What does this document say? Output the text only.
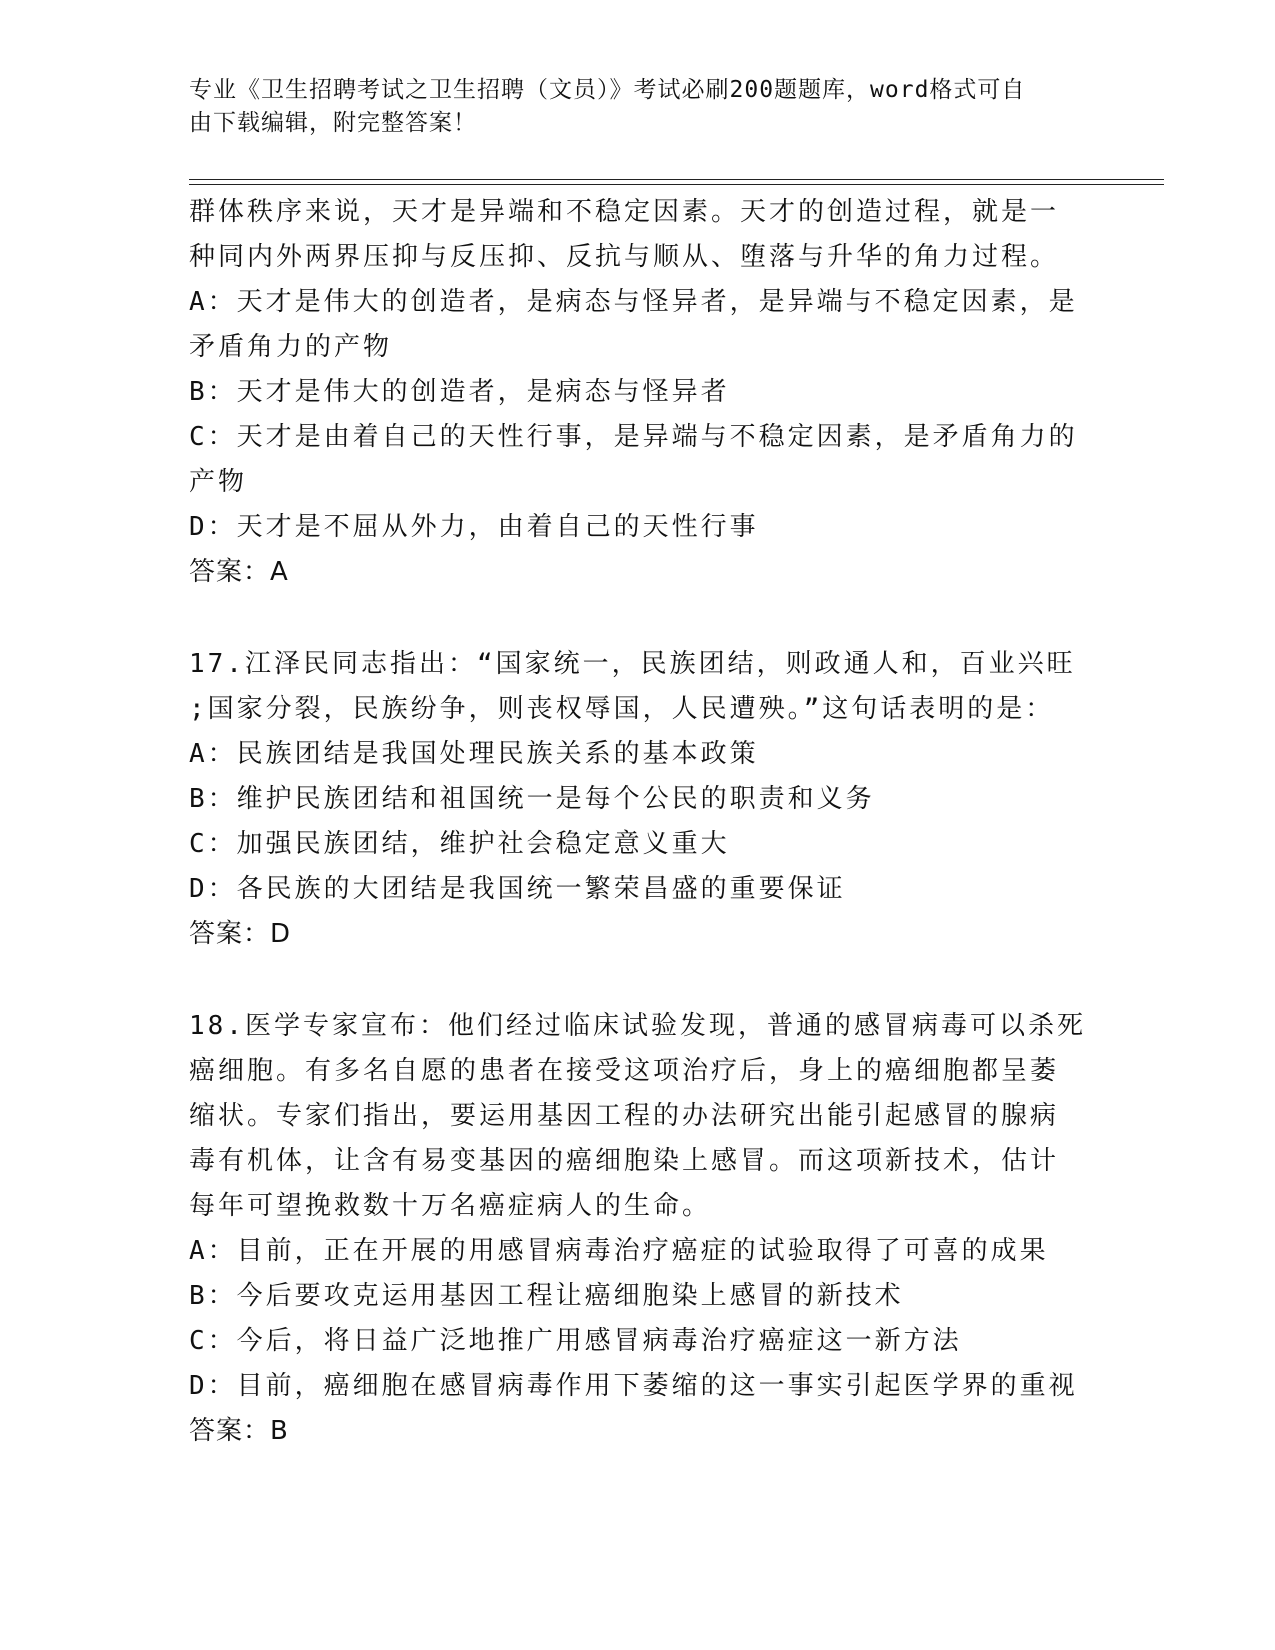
专业《卫生招聘考试之卫生招聘（文员）》考试必刷200题题库，word格式可自
由下载编辑，附完整答案！
群体秩序来说，天才是异端和不稳定因素。天才的创造过程，就是一
种同内外两界压抑与反压抑、反抗与顺从、堕落与升华的角力过程。
A：天才是伟大的创造者，是病态与怪异者，是异端与不稳定因素，是
矛盾角力的产物
B：天才是伟大的创造者，是病态与怪异者
C：天才是由着自己的天性行事，是异端与不稳定因素，是矛盾角力的
产物
D：天才是不屈从外力，由着自己的天性行事
答案：A
17.江泽民同志指出：“国家统一，民族团结，则政通人和，百业兴旺
;国家分裂，民族纷争，则丧权辱国，人民遭殃。”这句话表明的是：
A：民族团结是我国处理民族关系的基本政策
B：维护民族团结和祖国统一是每个公民的职责和义务
C：加强民族团结，维护社会稳定意义重大
D：各民族的大团结是我国统一繁荣昌盛的重要保证
答案：D
18.医学专家宣布：他们经过临床试验发现，普通的感冒病毒可以杀死
癌细胞。有多名自愿的患者在接受这项治疗后，身上的癌细胞都呈萎
缩状。专家们指出，要运用基因工程的办法研究出能引起感冒的腺病
毒有机体，让含有易变基因的癌细胞染上感冒。而这项新技术，估计
每年可望挽救数十万名癌症病人的生命。
A：目前，正在开展的用感冒病毒治疗癌症的试验取得了可喜的成果
B：今后要攻克运用基因工程让癌细胞染上感冒的新技术
C：今后，将日益广泛地推广用感冒病毒治疗癌症这一新方法
D：目前，癌细胞在感冒病毒作用下萎缩的这一事实引起医学界的重视
答案：B
